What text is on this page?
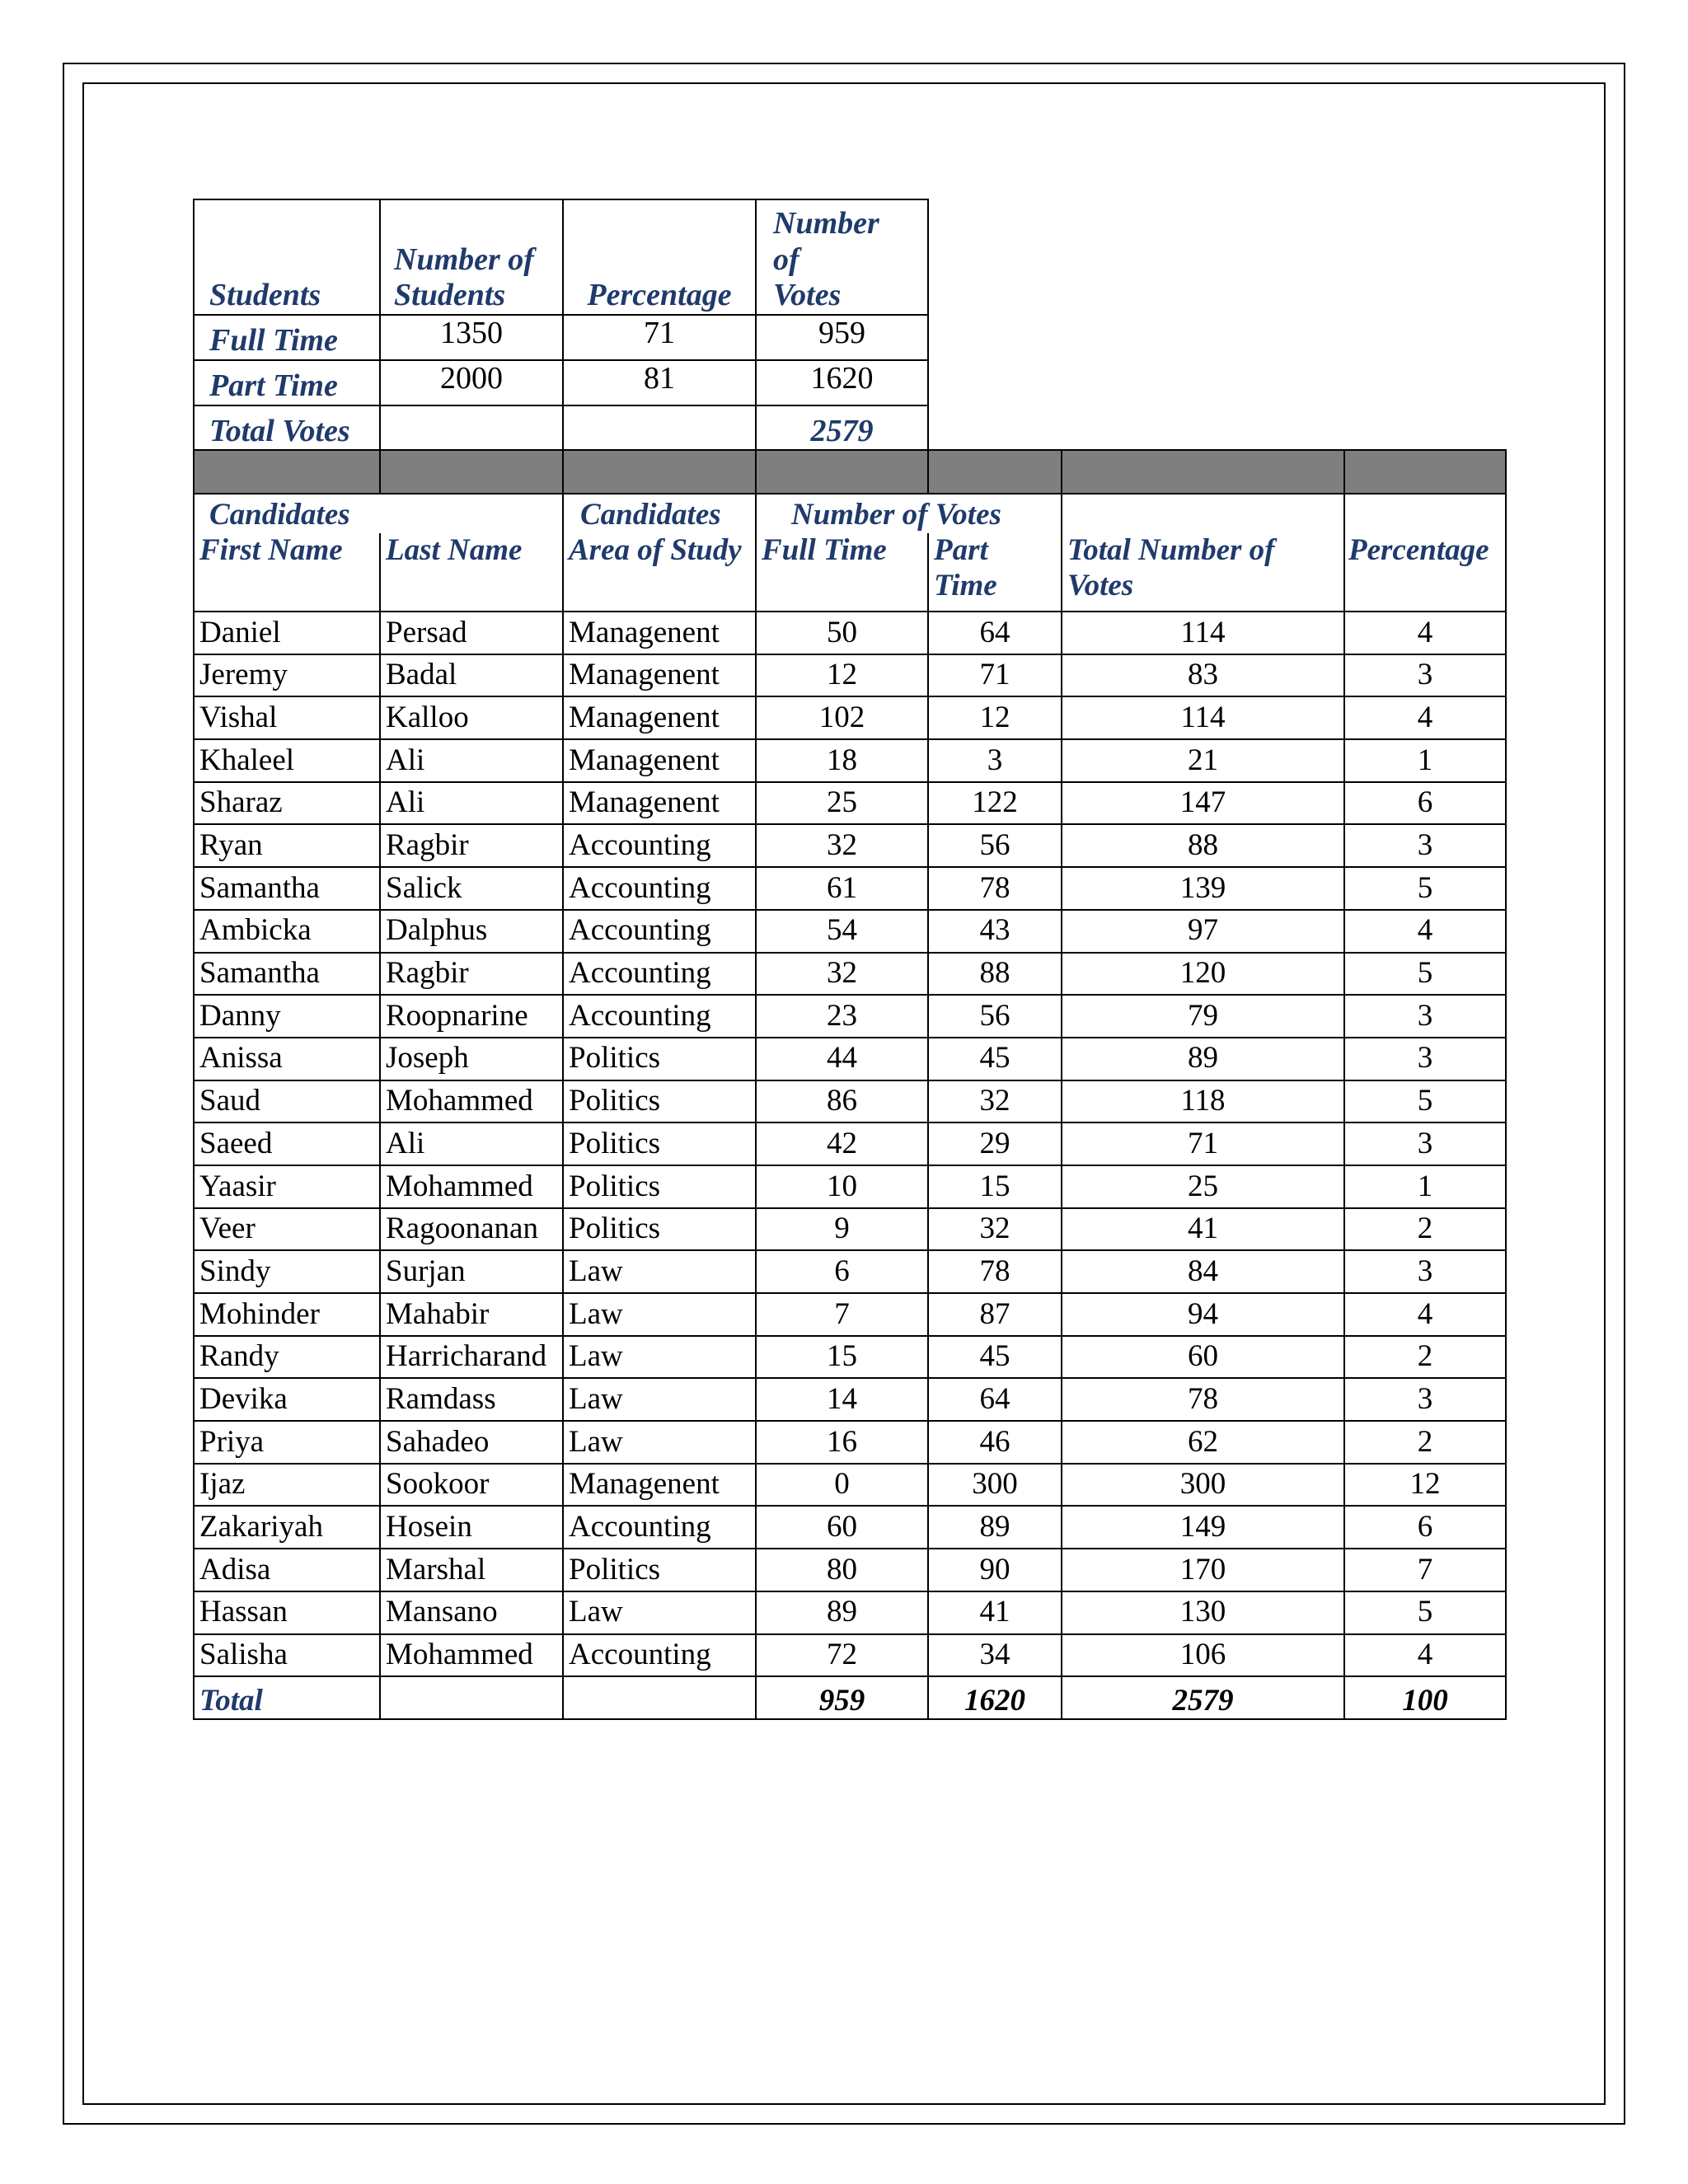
Students	Number of Students	Percentage	Number of Votes
Full Time	1350	71	959
Part Time	2000	81	1620
Total Votes			2579

Candidates		Candidates	Number of Votes			
First Name	Last Name	Area of Study	Full Time	Part Time	Total Number of Votes	Percentage
Daniel	Persad	Managenent	50	64	114	4
Jeremy	Badal	Managenent	12	71	83	3
Vishal	Kalloo	Managenent	102	12	114	4
Khaleel	Ali	Managenent	18	3	21	1
Sharaz	Ali	Managenent	25	122	147	6
Ryan	Ragbir	Accounting	32	56	88	3
Samantha	Salick	Accounting	61	78	139	5
Ambicka	Dalphus	Accounting	54	43	97	4
Samantha	Ragbir	Accounting	32	88	120	5
Danny	Roopnarine	Accounting	23	56	79	3
Anissa	Joseph	Politics	44	45	89	3
Saud	Mohammed	Politics	86	32	118	5
Saeed	Ali	Politics	42	29	71	3
Yaasir	Mohammed	Politics	10	15	25	1
Veer	Ragoonanan	Politics	9	32	41	2
Sindy	Surjan	Law	6	78	84	3
Mohinder	Mahabir	Law	7	87	94	4
Randy	Harricharand	Law	15	45	60	2
Devika	Ramdass	Law	14	64	78	3
Priya	Sahadeo	Law	16	46	62	2
Ijaz	Sookoor	Managenent	0	300	300	12
Zakariyah	Hosein	Accounting	60	89	149	6
Adisa	Marshal	Politics	80	90	170	7
Hassan	Mansano	Law	89	41	130	5
Salisha	Mohammed	Accounting	72	34	106	4
Total			959	1620	2579	100
